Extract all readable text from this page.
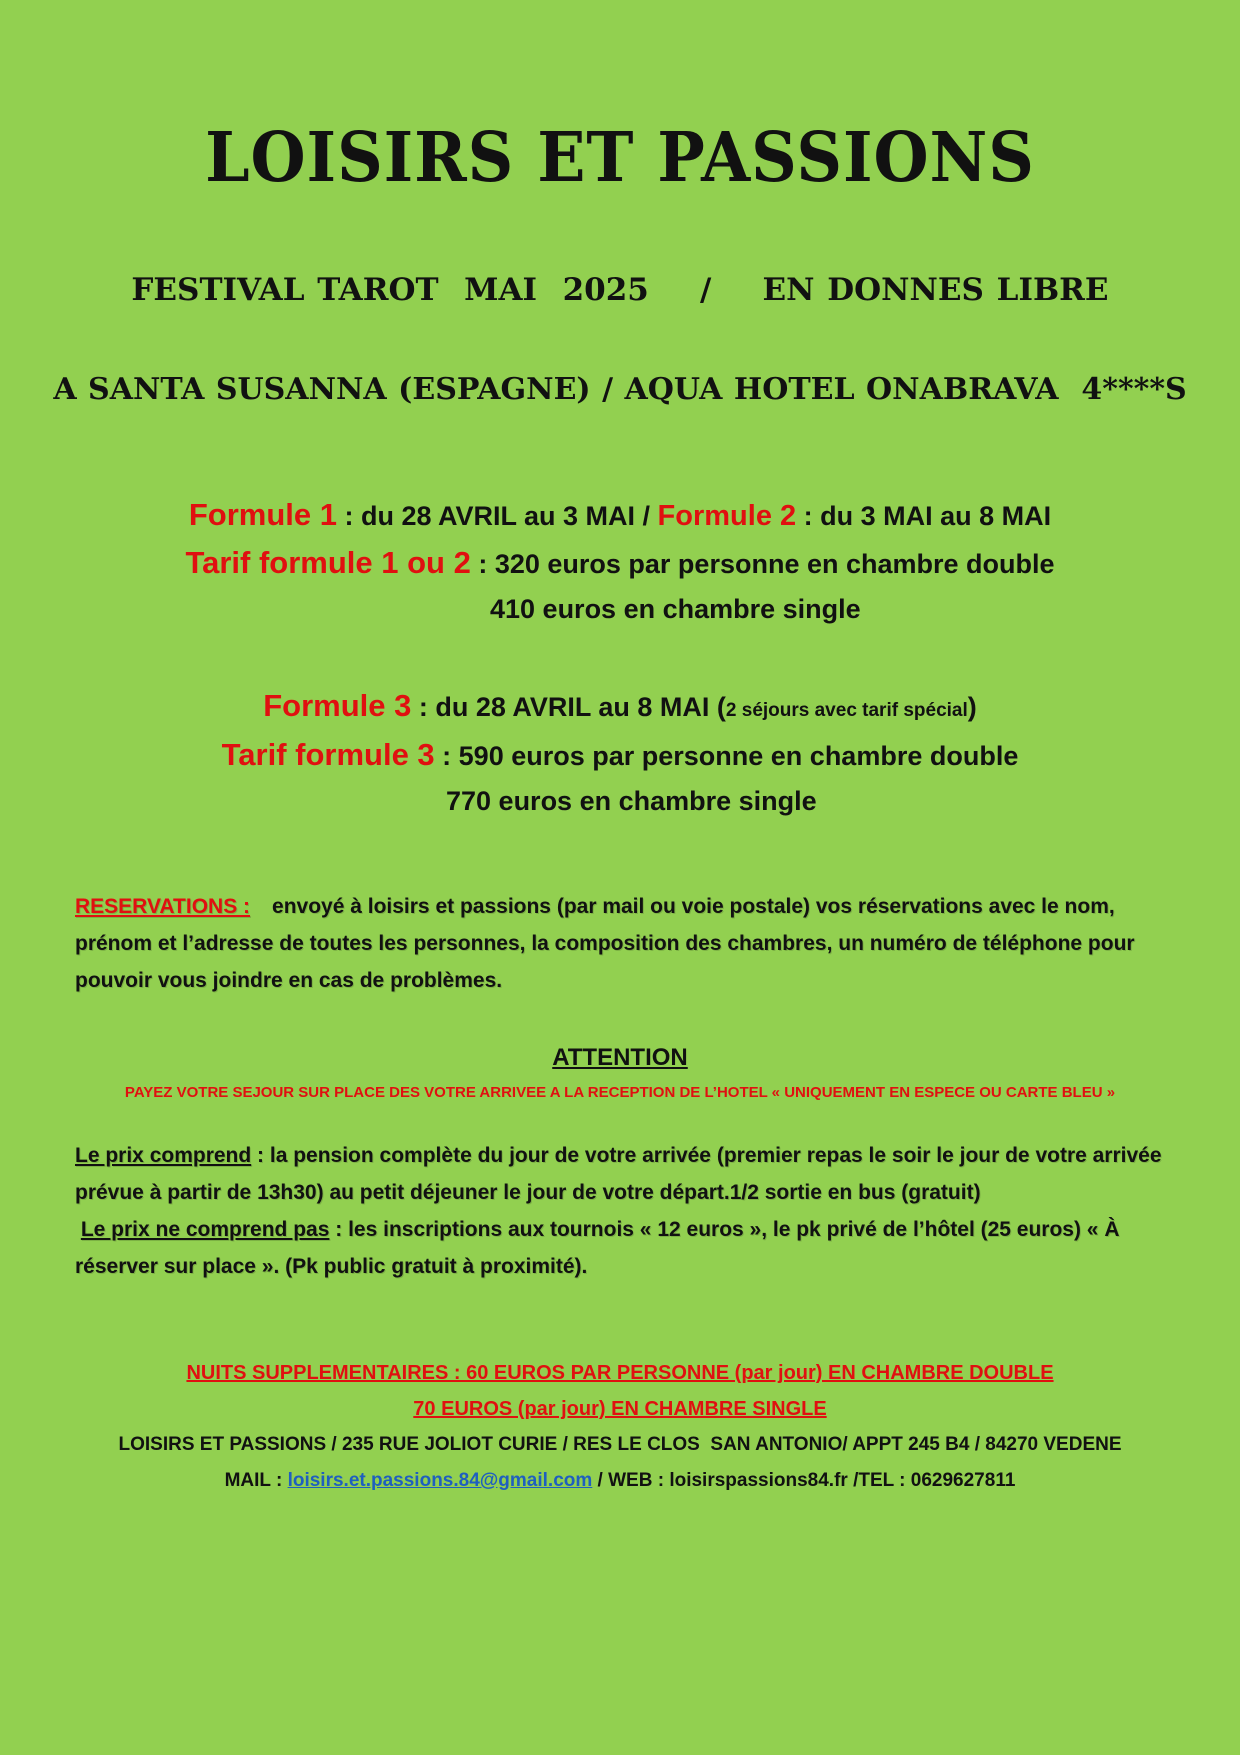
LOISIRS ET PASSIONS
FESTIVAL TAROT  MAI  2025    /    EN DONNES LIBRE
A SANTA SUSANNA (ESPAGNE) / AQUA HOTEL ONABRAVA  4****S
Formule 1 : du 28 AVRIL au 3 MAI / Formule 2 : du 3 MAI au 8 MAI
Tarif formule 1 ou 2 : 320 euros par personne en chambre double
410 euros en chambre single
Formule 3 : du 28 AVRIL au 8 MAI (2 séjours avec tarif spécial)
Tarif formule 3 : 590 euros par personne en chambre double
770 euros en chambre single
RESERVATIONS : envoyé à loisirs et passions (par mail ou voie postale) vos réservations avec le nom, prénom et l’adresse de toutes les personnes, la composition des chambres, un numéro de téléphone pour pouvoir vous joindre en cas de problèmes.
ATTENTION
PAYEZ VOTRE SEJOUR SUR PLACE DES VOTRE ARRIVEE A LA RECEPTION DE L’HOTEL « UNIQUEMENT EN ESPECE OU CARTE BLEU »
Le prix comprend : la pension complète du jour de votre arrivée (premier repas le soir le jour de votre arrivée prévue à partir de 13h30) au petit déjeuner le jour de votre départ.1/2 sortie en bus (gratuit)
Le prix ne comprend pas : les inscriptions aux tournois « 12 euros », le pk privé de l’hôtel (25 euros) « À réserver sur place ». (Pk public gratuit à proximité).
NUITS SUPPLEMENTAIRES : 60 EUROS PAR PERSONNE (par jour) EN CHAMBRE DOUBLE
70 EUROS (par jour) EN CHAMBRE SINGLE
LOISIRS ET PASSIONS / 235 RUE JOLIOT CURIE / RES LE CLOS  SAN ANTONIO/ APPT 245 B4 / 84270 VEDENE
MAIL : loisirs.et.passions.84@gmail.com / WEB : loisirspassions84.fr /TEL : 0629627811
